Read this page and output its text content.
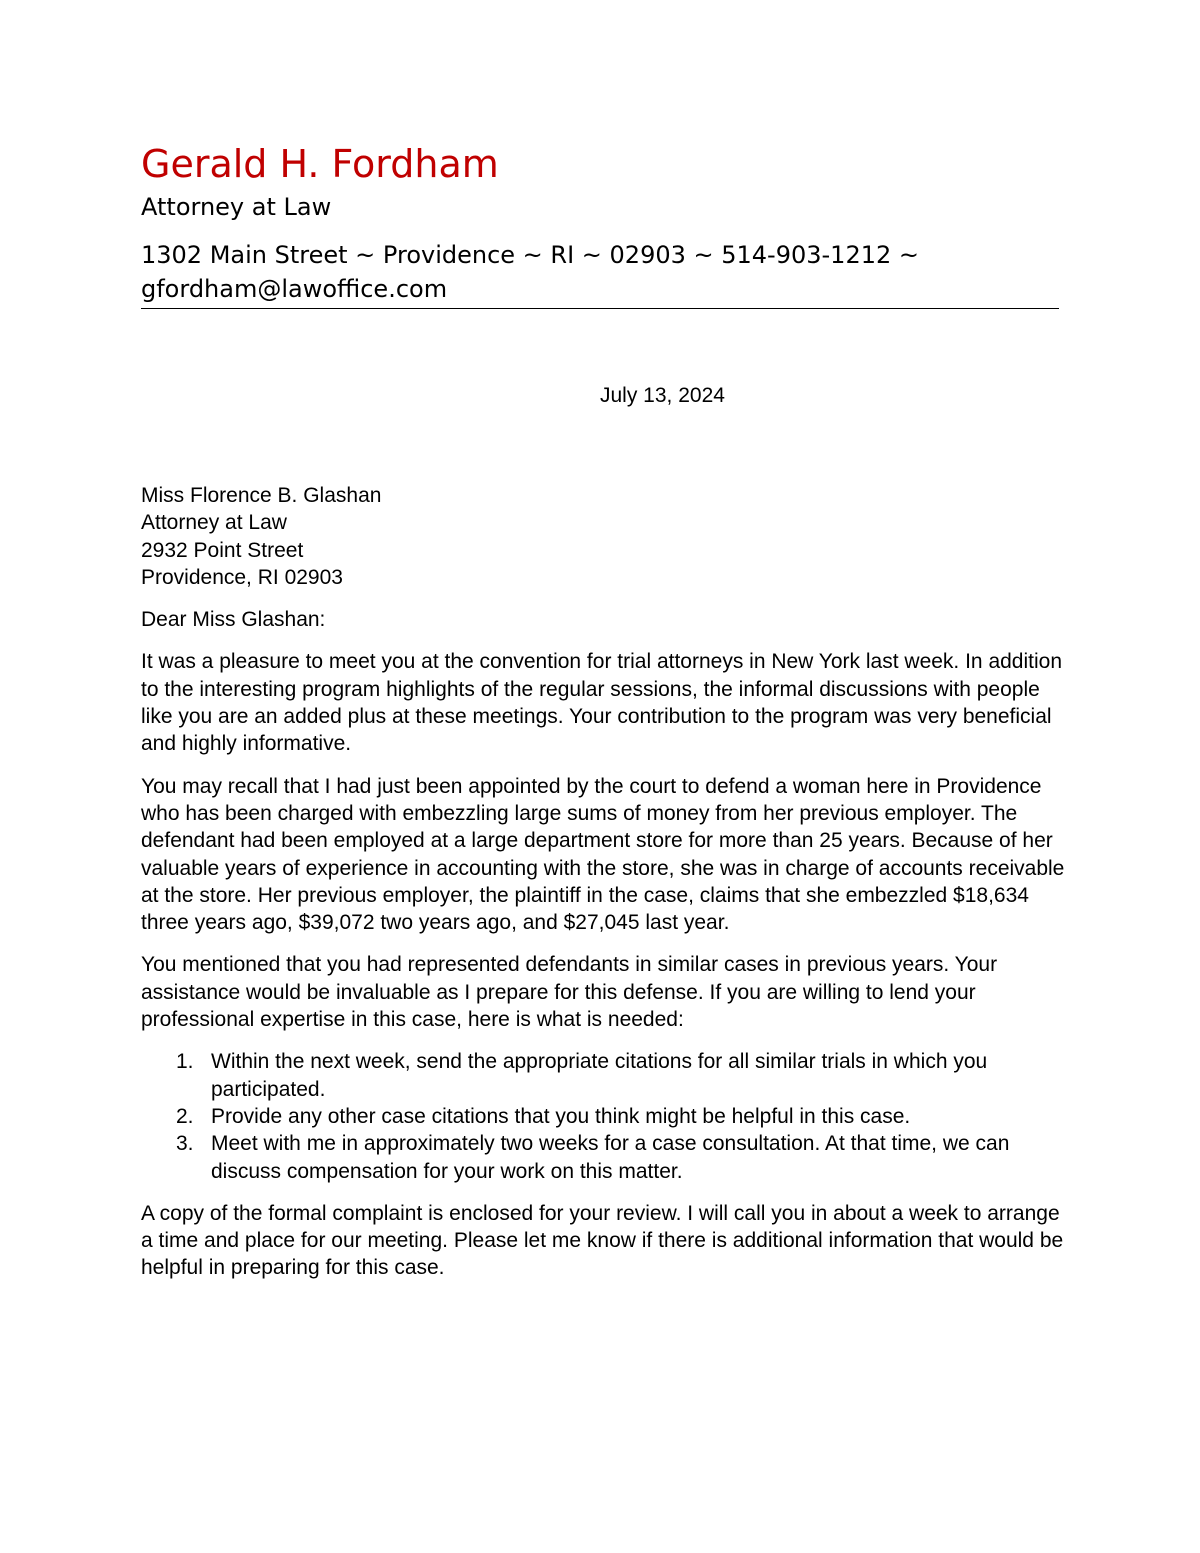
Gerald H. Fordham
Attorney at Law
1302 Main Street ~ Providence ~ RI ~ 02903 ~ 514-903-1212 ~
gfordham@lawoffice.com
July 13, 2024
Miss Florence B. Glashan
Attorney at Law
2932 Point Street
Providence, RI 02903
Dear Miss Glashan:

It was a pleasure to meet you at the convention for trial attorneys in New York last week. In addition to the interesting program highlights of the regular sessions, the informal discussions with people like you are an added plus at these meetings. Your contribution to the program was very beneficial and highly informative.

You may recall that I had just been appointed by the court to defend a woman here in Providence who has been charged with embezzling large sums of money from her previous employer. The defendant had been employed at a large department store for more than 25 years. Because of her valuable years of experience in accounting with the store, she was in charge of accounts receivable at the store. Her previous employer, the plaintiff in the case, claims that she embezzled $18,634 three years ago, $39,072 two years ago, and $27,045 last year.

You mentioned that you had represented defendants in similar cases in previous years. Your assistance would be invaluable as I prepare for this defense. If you are willing to lend your professional expertise in this case, here is what is needed:

1. Within the next week, send the appropriate citations for all similar trials in which you participated.
2. Provide any other case citations that you think might be helpful in this case.
3. Meet with me in approximately two weeks for a case consultation. At that time, we can discuss compensation for your work on this matter.

A copy of the formal complaint is enclosed for your review. I will call you in about a week to arrange a time and place for our meeting. Please let me know if there is additional information that would be helpful in preparing for this case.
